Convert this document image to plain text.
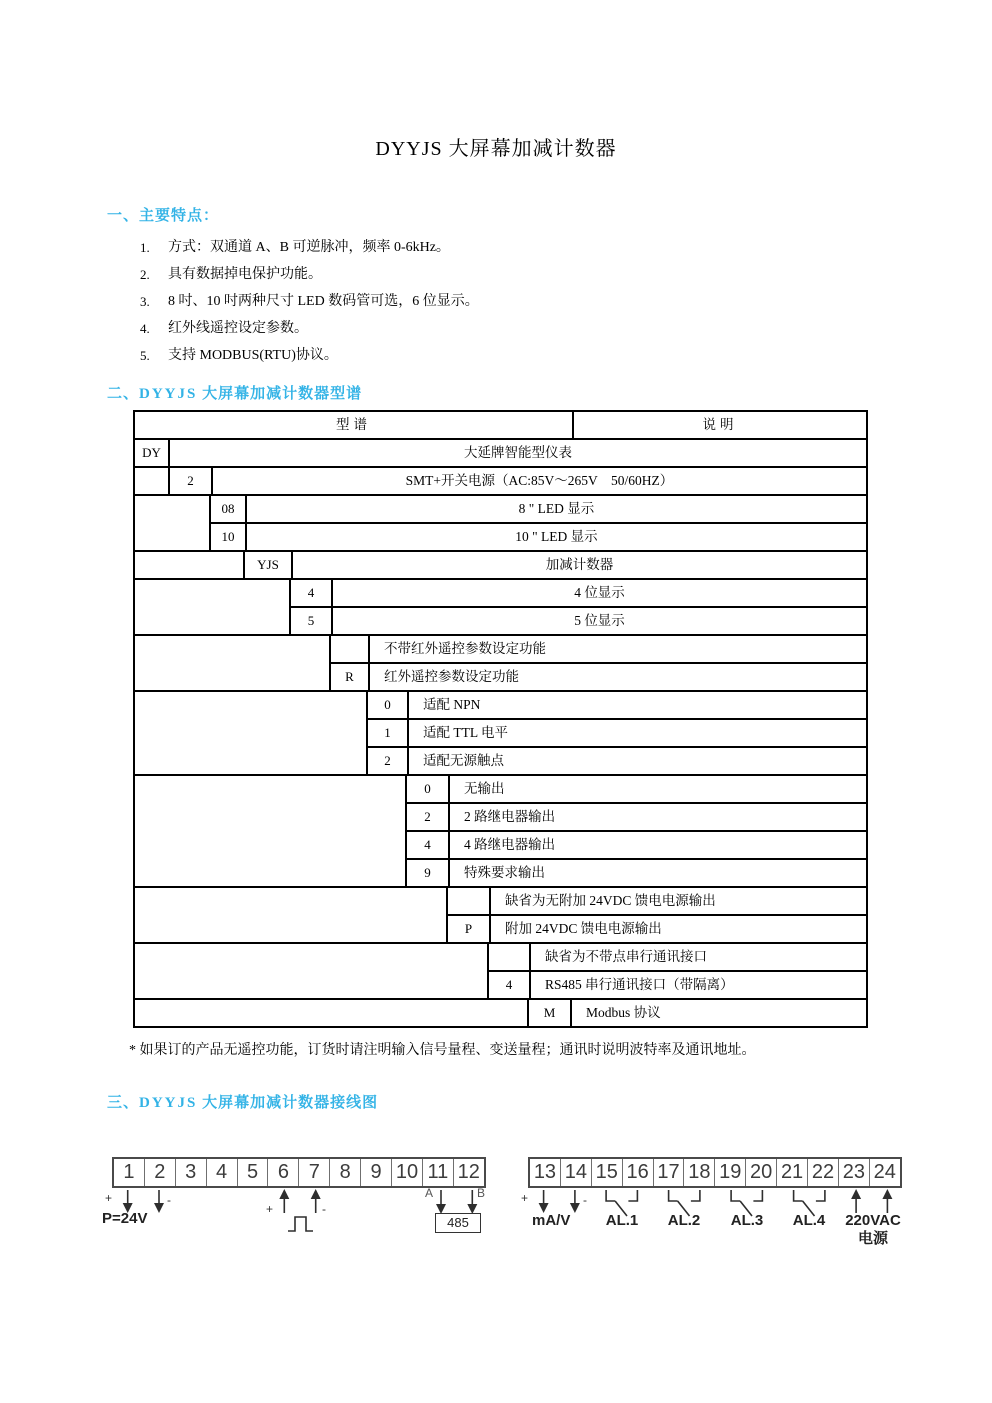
DYYJS 大屏幕加减计数器
一、主要特点：
1.	方式：双通道 A、B 可逆脉冲，频率 0-6kHz。
2.	具有数据掉电保护功能。
3.	8 吋、10 吋两种尺寸 LED 数码管可选，6 位显示。
4.	红外线遥控设定参数。
5.	支持 MODBUS(RTU)协议。
二、DYYJS 大屏幕加减计数器型谱
型谱	说明
DY	大延牌智能型仪表
2	SMT+开关电源（AC:85V～265V　50/60HZ）
08	8 " LED 显示
10	10 " LED 显示
YJS	加减计数器
4	4 位显示
5	5 位显示
不带红外遥控参数设定功能
R	红外遥控参数设定功能
0	适配 NPN
1	适配 TTL 电平
2	适配无源触点
0	无输出
2	2 路继电器输出
4	4 路继电器输出
9	特殊要求输出
缺省为无附加 24VDC 馈电电源输出
P	附加 24VDC 馈电电源输出
缺省为不带点串行通讯接口
4	RS485 串行通讯接口（带隔离）
M	Modbus 协议
* 如果订的产品无遥控功能，订货时请注明输入信号量程、变送量程；通讯时说明波特率及通讯地址。
三、DYYJS 大屏幕加减计数器接线图
1 2 3 4 5 6 7 8 9 10 11 12	13 14 15 16 17 18 19 20 21 22 23 24
+	-
P=24V
+	-
A	B
485
+	-
mA/V	AL.1	AL.2	AL.3	AL.4	220VAC
电源
